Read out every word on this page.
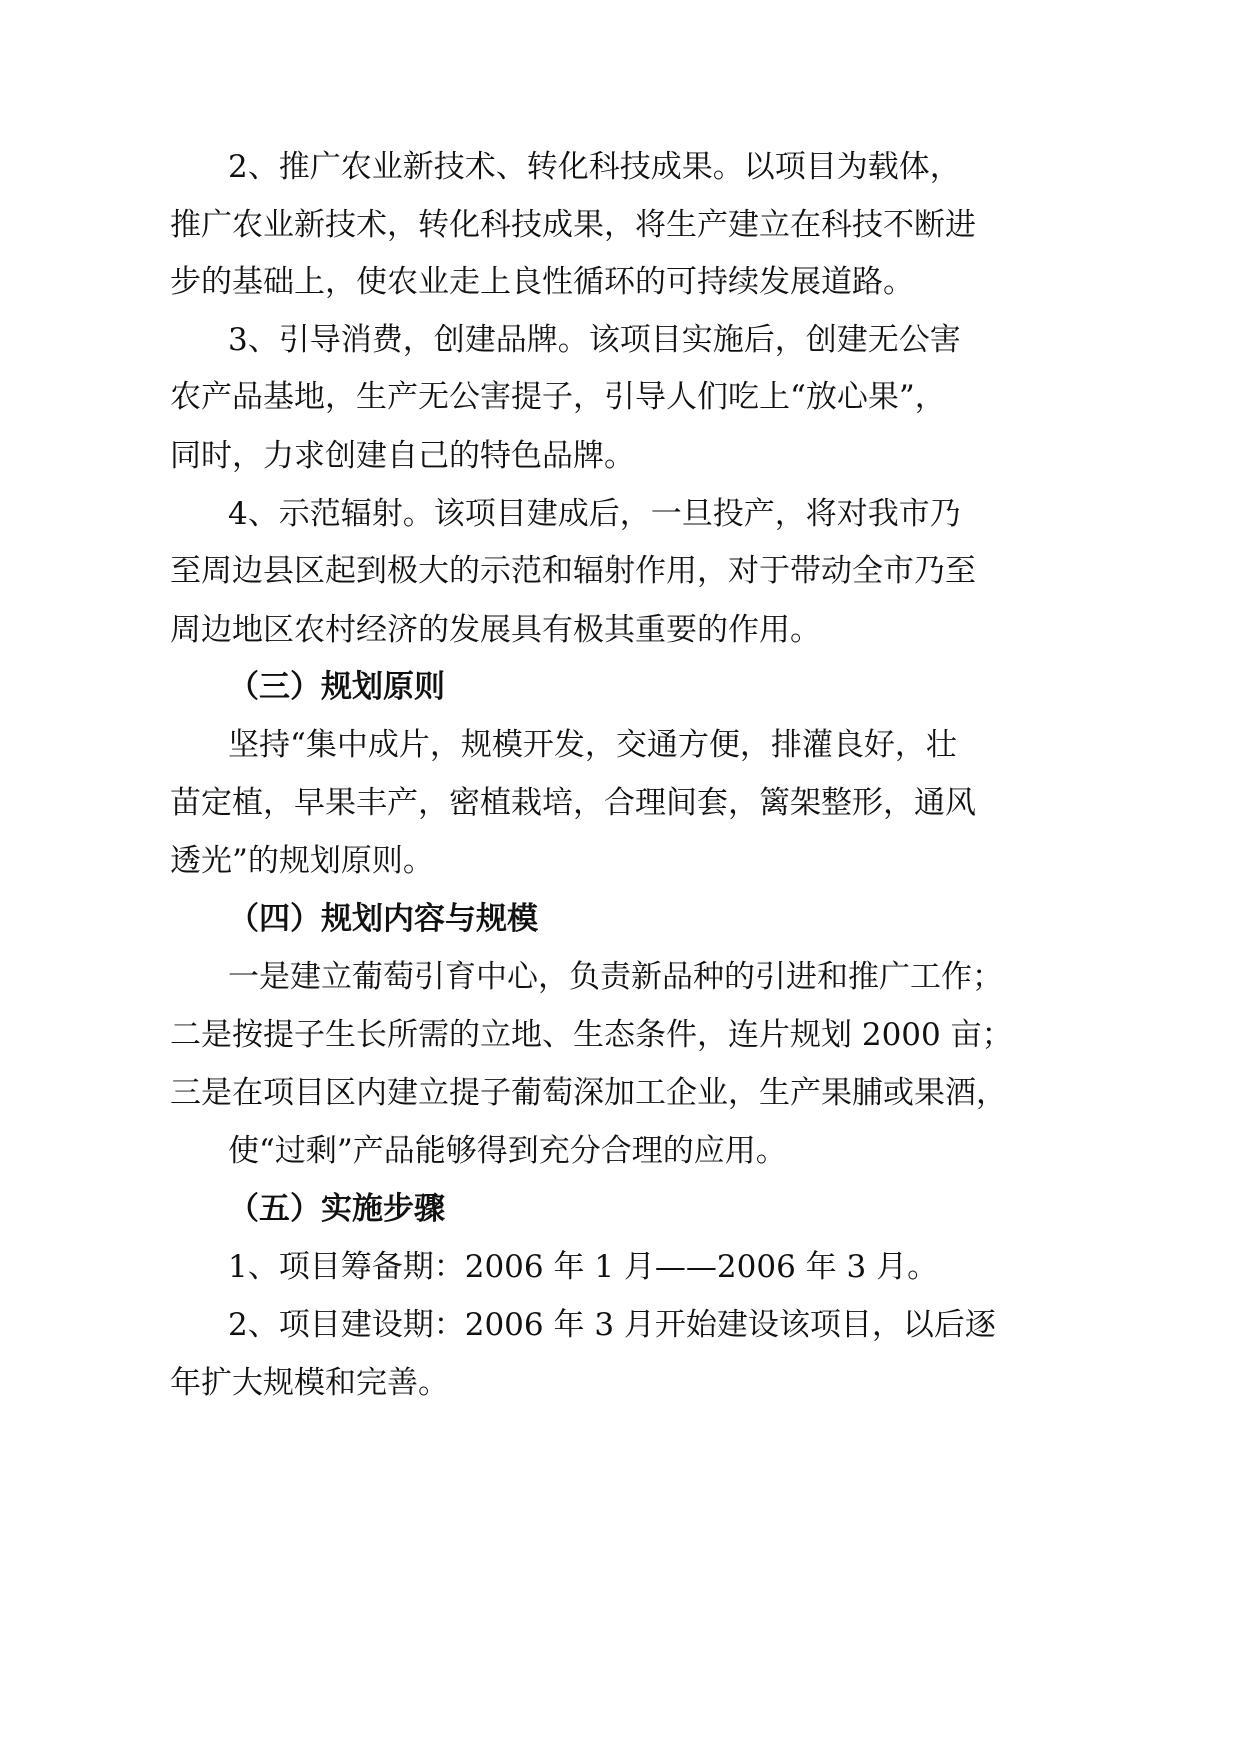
2、推广农业新技术、转化科技成果。以项目为载体，
推广农业新技术，转化科技成果，将生产建立在科技不断进
步的基础上，使农业走上良性循环的可持续发展道路。
3、引导消费，创建品牌。该项目实施后，创建无公害
农产品基地，生产无公害提子，引导人们吃上“放心果”，
同时，力求创建自己的特色品牌。
4、示范辐射。该项目建成后，一旦投产，将对我市乃
至周边县区起到极大的示范和辐射作用，对于带动全市乃至
周边地区农村经济的发展具有极其重要的作用。
（三）规划原则
坚持“集中成片，规模开发，交通方便，排灌良好，壮
苗定植，早果丰产，密植栽培，合理间套，篱架整形，通风
透光”的规划原则。
（四）规划内容与规模
一是建立葡萄引育中心，负责新品种的引进和推广工作；
二是按提子生长所需的立地、生态条件，连片规划 2000 亩；
三是在项目区内建立提子葡萄深加工企业，生产果脯或果酒，
使“过剩”产品能够得到充分合理的应用。
（五）实施步骤
1、项目筹备期：2006 年 1 月——2006 年 3 月。
2、项目建设期：2006 年 3 月开始建设该项目，以后逐
年扩大规模和完善。
